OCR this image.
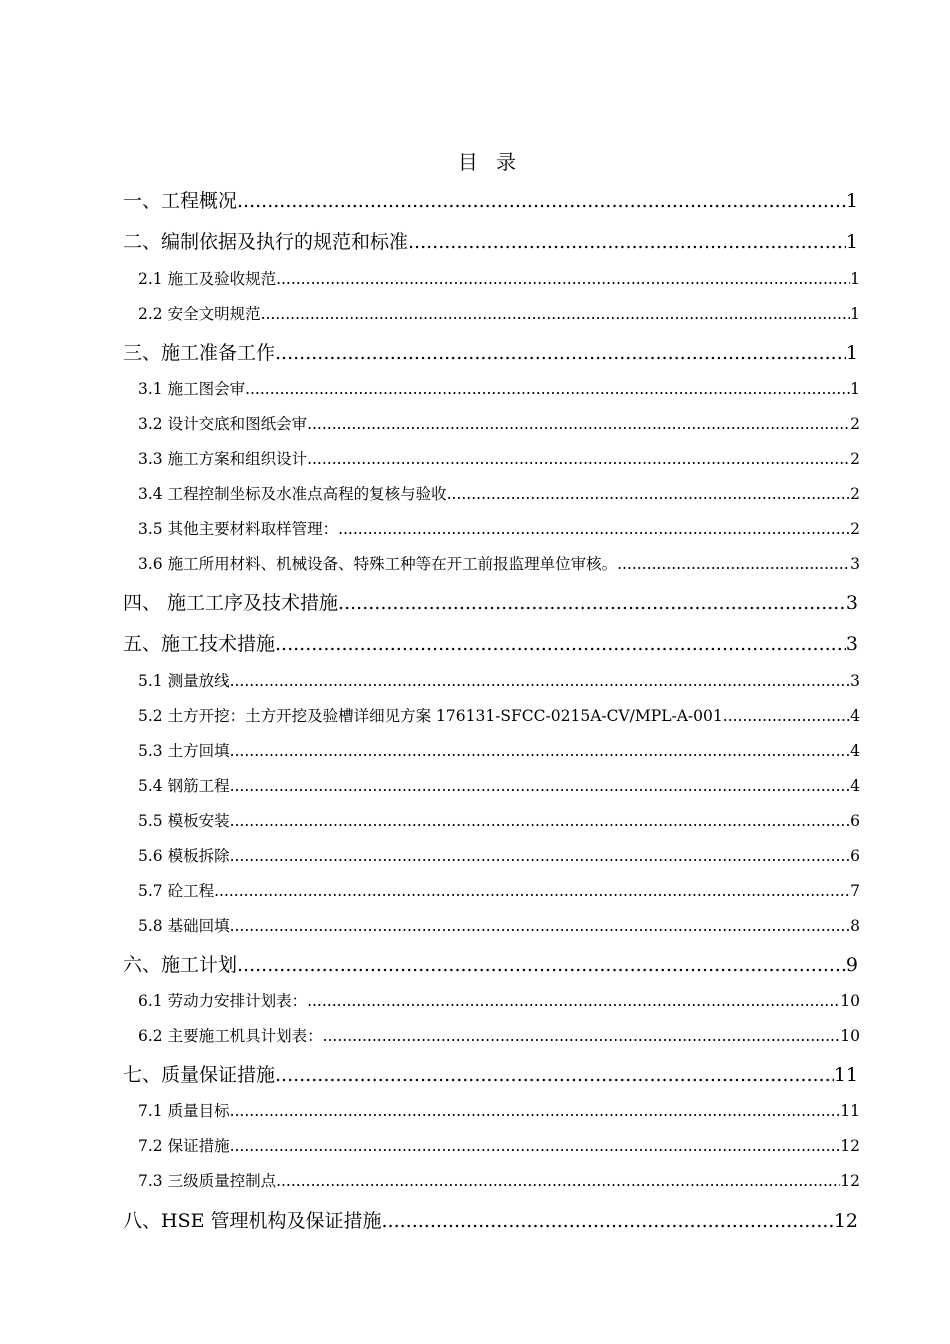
目 录
一、工程概况 .....	1
二、编制依据及执行的规范和标准 .....	1
2.1 施工及验收规范 .....	1
2.2 安全文明规范 .....	1
三、施工准备工作 .....	1
3.1 施工图会审 .....	1
3.2 设计交底和图纸会审 .....	2
3.3 施工方案和组织设计 .....	2
3.4 工程控制坐标及水准点高程的复核与验收 .....	2
3.5 其他主要材料取样管理： .....	2
3.6 施工所用材料、机械设备、特殊工种等在开工前报监理单位审核。 .....	3
四、 施工工序及技术措施 .....	3
五、施工技术措施 .....	3
5.1 测量放线 .....	3
5.2 土方开挖：土方开挖及验槽详细见方案 176131-SFCC-0215A-CV/MPL-A-001 .....	4
5.3 土方回填 .....	4
5.4 钢筋工程 .....	4
5.5 模板安装 .....	6
5.6 模板拆除 .....	6
5.7 砼工程 .....	7
5.8 基础回填 .....	8
六、施工计划 .....	9
6.1 劳动力安排计划表： .....	10
6.2 主要施工机具计划表： .....	10
七、质量保证措施 .....	11
7.1 质量目标 .....	11
7.2 保证措施 .....	12
7.3 三级质量控制点 .....	12
八、HSE 管理机构及保证措施 .....	12
